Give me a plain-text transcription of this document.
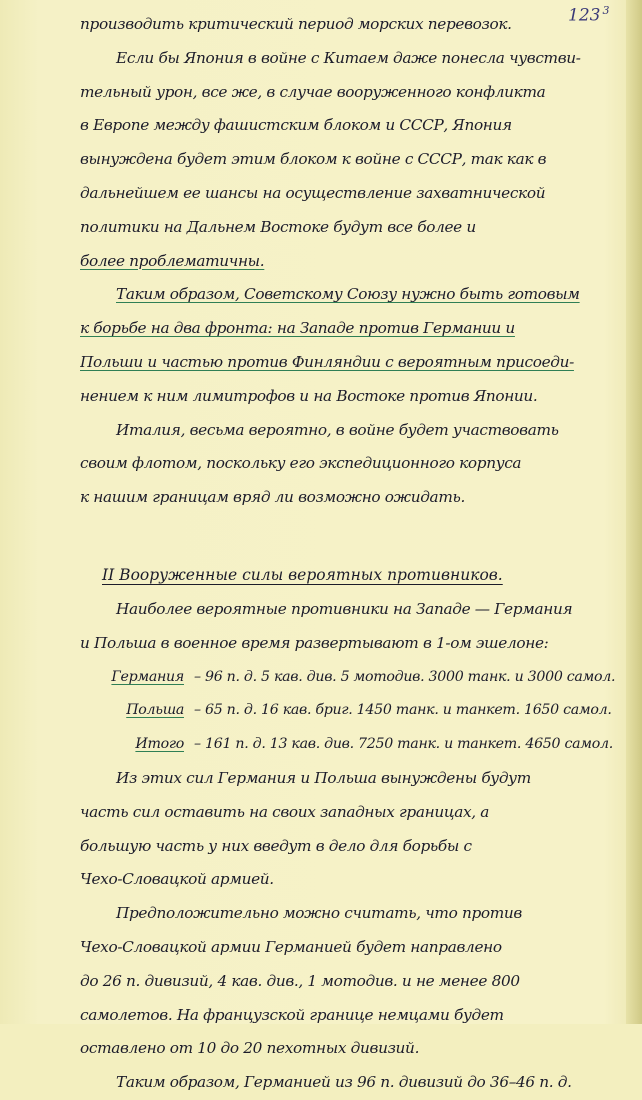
123 $^3$
производить критический период морских перевозок.
Если бы Япония в войне с Китаем даже понесла чувстви-
тельный урон, все же, в случае вооруженного конфликта
в Европе между фашистским блоком и СССР, Япония
вынуждена будет этим блоком к войне с СССР, так как в
дальнейшем ее шансы на осуществление захватнической
политики на Дальнем Востоке будут все более и
более проблематичны.
Таким образом, Советскому Союзу нужно быть готовым
к борьбе на два фронта: на Западе против Германии и
Польши и частью против Финляндии с вероятным присоеди-
нением к ним лимитрофов и на Востоке против Японии.
Италия, весьма вероятно, в войне будет участвовать
своим флотом, поскольку его экспедиционного корпуса
к нашим границам вряд ли возможно ожидать.
II Вооруженные силы вероятных противников.
Наиболее вероятные противники на Западе — Германия
и Польша в военное время развертывают в 1-ом эшелоне:
Германия – 96 п. д. 5 кав. див. 5 мотодив. 3000 танк. и 3000 самол.
Польша – 65 п. д. 16 кав. бриг. 1450 танк. и танкет. 1650 самол.
Итого – 161 п. д. 13 кав. див. 7250 танк. и танкет. 4650 самол.
Из этих сил Германия и Польша вынуждены будут
часть сил оставить на своих западных границах, а
большую часть у них введут в дело для борьбы с
Чехо-Словацкой армией.
Предположительно можно считать, что против
Чехо-Словацкой армии Германией будет направлено
до 26 п. дивизий, 4 кав. див., 1 мотодив. и не менее 800
самолетов. На французской границе немцами будет
оставлено от 10 до 20 пехотных дивизий.
Таким образом, Германией из 96 п. дивизий до 36–46 п. д.
